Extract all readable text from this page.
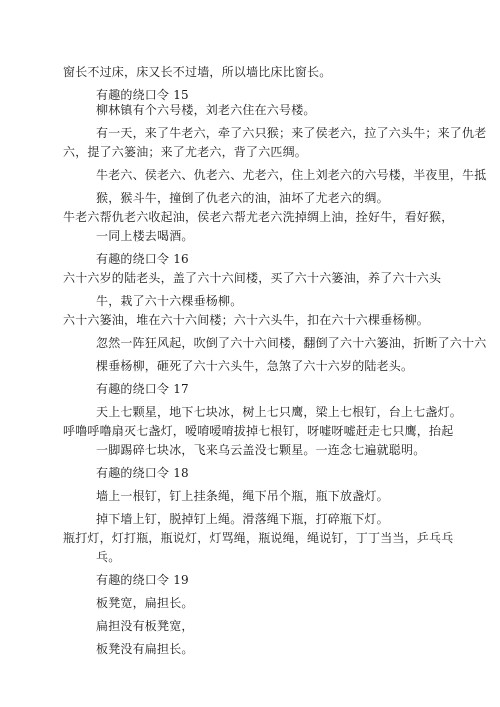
窗长不过床，床又长不过墙，所以墙比床比窗长。
有趣的绕口令 15
柳林镇有个六号楼，刘老六住在六号楼。
有一天，来了牛老六，牵了六只猴；来了侯老六，拉了六头牛；来了仇老
六，提了六篓油；来了尤老六，背了六匹绸。
牛老六、侯老六、仇老六、尤老六，住上刘老六的六号楼，半夜里，牛抵
猴，猴斗牛，撞倒了仇老六的油，油坏了尤老六的绸。
牛老六帮仇老六收起油，侯老六帮尤老六洗掉绸上油，拴好牛，看好猴，
一同上楼去喝酒。
有趣的绕口令 16
六十六岁的陆老头，盖了六十六间楼，买了六十六篓油，养了六十六头
牛，栽了六十六棵垂杨柳。
六十六篓油，堆在六十六间楼；六十六头牛，扣在六十六棵垂杨柳。
忽然一阵狂风起，吹倒了六十六间楼，翻倒了六十六篓油，折断了六十六
棵垂杨柳，砸死了六十六头牛，急煞了六十六岁的陆老头。
有趣的绕口令 17
天上七颗星，地下七块冰，树上七只鹰，梁上七根钉，台上七盏灯。
呼噜呼噜扇灭七盏灯，嗳唷嗳唷拔掉七根钉，呀嘘呀嘘赶走七只鹰，抬起
一脚踢碎七块冰，飞来乌云盖没七颗星。一连念七遍就聪明。
有趣的绕口令 18
墙上一根钉，钉上挂条绳，绳下吊个瓶，瓶下放盏灯。
掉下墙上钉，脱掉钉上绳。滑落绳下瓶，打碎瓶下灯。
瓶打灯，灯打瓶，瓶说灯，灯骂绳，瓶说绳，绳说钉，丁丁当当，乒乓乓
乓。
有趣的绕口令 19
板凳宽，扁担长。
扁担没有板凳宽，
板凳没有扁担长。
